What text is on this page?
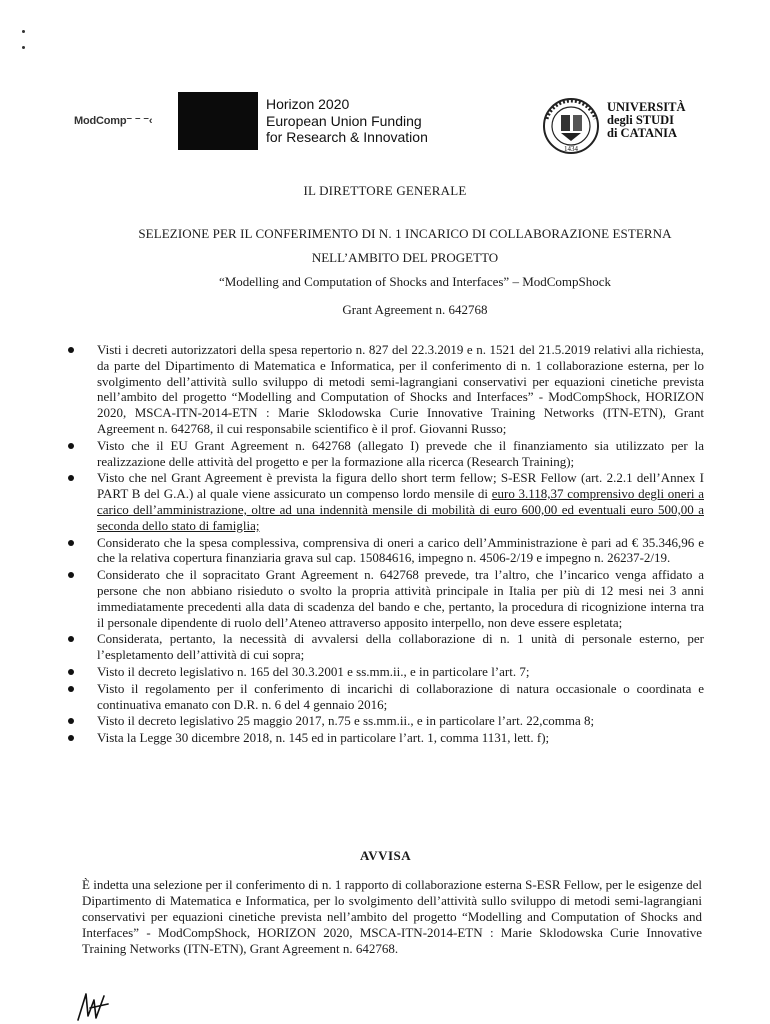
ModComp⁻ ⁻ ⁻‹
Horizon 2020
European Union Funding
for Research & Innovation
1434
UNIVERSITÀ
degli STUDI
di CATANIA
IL DIRETTORE GENERALE
SELEZIONE PER IL CONFERIMENTO DI N. 1 INCARICO DI COLLABORAZIONE ESTERNA
NELL’AMBITO DEL PROGETTO
“Modelling and Computation of Shocks and Interfaces” – ModCompShock
Grant Agreement n. 642768
Visti i decreti autorizzatori della spesa repertorio n. 827 del 22.3.2019 e n. 1521 del 21.5.2019 relativi alla richiesta, da parte del Dipartimento di Matematica e Informatica, per il conferimento di n. 1 collaborazione esterna, per lo svolgimento dell’attività sullo sviluppo di metodi semi-lagrangiani conservativi per equazioni cinetiche prevista nell’ambito del progetto “Modelling and Computation of Shocks and Interfaces” - ModCompShock, HORIZON 2020, MSCA-ITN-2014-ETN : Marie Sklodowska Curie Innovative Training Networks (ITN-ETN), Grant Agreement n. 642768, il cui responsabile scientifico è il prof. Giovanni Russo;
Visto che il EU Grant Agreement n. 642768 (allegato I) prevede che il finanziamento sia utilizzato per la realizzazione delle attività del progetto e per la formazione alla ricerca (Research Training);
Visto che nel Grant Agreement è prevista la figura dello short term fellow; S-ESR Fellow (art. 2.2.1 dell’Annex I PART B del G.A.) al quale viene assicurato un compenso lordo mensile di euro 3.118,37 comprensivo degli oneri a carico dell’amministrazione, oltre ad una indennità mensile di mobilità di euro 600,00 ed eventuali euro 500,00 a seconda dello stato di famiglia;
Considerato che la spesa complessiva, comprensiva di oneri a carico dell’Amministrazione è pari ad € 35.346,96 e che la relativa copertura finanziaria grava sul cap. 15084616, impegno n. 4506-2/19 e impegno n. 26237-2/19.
Considerato che il sopracitato Grant Agreement n. 642768 prevede, tra l’altro, che l’incarico venga affidato a persone che non abbiano risieduto o svolto la propria attività principale in Italia per più di 12 mesi nei 3 anni immediatamente precedenti alla data di scadenza del bando e che, pertanto, la procedura di ricognizione interna tra il personale dipendente di ruolo dell’Ateneo attraverso apposito interpello, non deve essere espletata;
Considerata, pertanto, la necessità di avvalersi della collaborazione di n. 1 unità di personale esterno, per l’espletamento dell’attività di cui sopra;
Visto il decreto legislativo n. 165 del 30.3.2001 e ss.mm.ii., e in particolare l’art. 7;
Visto il regolamento per il conferimento di incarichi di collaborazione di natura occasionale o coordinata e continuativa emanato con D.R. n. 6 del 4 gennaio 2016;
Visto il decreto legislativo 25 maggio 2017, n.75 e ss.mm.ii., e in particolare l’art. 22,comma 8;
Vista la Legge 30 dicembre 2018, n. 145 ed in particolare l’art. 1, comma 1131, lett. f);
AVVISA
È indetta una selezione per il conferimento di n. 1 rapporto di collaborazione esterna S-ESR Fellow, per le esigenze del Dipartimento di Matematica e Informatica, per lo svolgimento dell’attività sullo sviluppo di metodi semi-lagrangiani conservativi per equazioni cinetiche prevista nell’ambito del progetto “Modelling and Computation of Shocks and Interfaces” - ModCompShock, HORIZON 2020, MSCA-ITN-2014-ETN : Marie Sklodowska Curie Innovative Training Networks (ITN-ETN), Grant Agreement n. 642768.
